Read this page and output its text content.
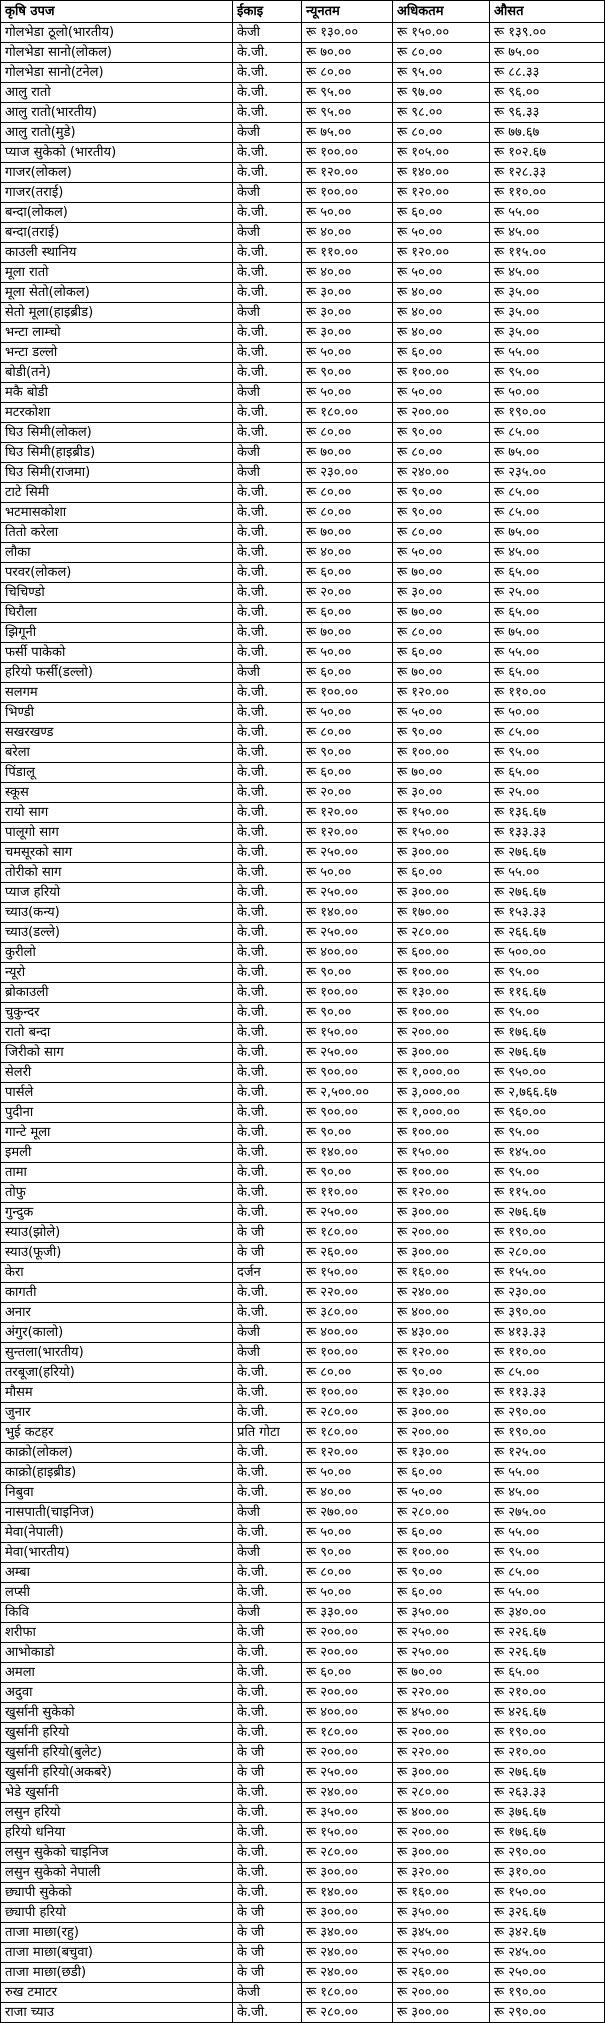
कृषि उपज	ईकाइ	न्यूनतम	अधिकतम	औसत
गोलभेडा ठूलो(भारतीय)	केजी	रू १३०.००	रू १५०.००	रू १३९.००
गोलभेडा सानो(लोकल)	के.जी.	रू ७०.००	रू ८०.००	रू ७५.००
गोलभेडा सानो(टनेल)	के.जी.	रू ८०.००	रू ९५.००	रू ८८.३३
आलु रातो	के.जी.	रू ९५.००	रू ९७.००	रू ९६.००
आलु रातो(भारतीय)	के.जी.	रू ९५.००	रू ९८.००	रू ९६.३३
आलु रातो(मुडे)	केजी	रू ७५.००	रू ८०.००	रू ७७.६७
प्याज सुकेको (भारतीय)	के.जी.	रू १००.००	रू १०५.००	रू १०२.६७
गाजर(लोकल)	के.जी.	रू १२०.००	रू १४०.००	रू १२८.३३
गाजर(तराई)	केजी	रू १००.००	रू १२०.००	रू ११०.००
बन्दा(लोकल)	के.जी.	रू ५०.००	रू ६०.००	रू ५५.००
बन्दा(तराई)	केजी	रू ४०.००	रू ५०.००	रू ४५.००
काउली स्थानिय	के.जी.	रू ११०.००	रू १२०.००	रू ११५.००
मूला रातो	के.जी.	रू ४०.००	रू ५०.००	रू ४५.००
मूला सेतो(लोकल)	के.जी.	रू ३०.००	रू ४०.००	रू ३५.००
सेतो मूला(हाइब्रीड)	केजी	रू ३०.००	रू ४०.००	रू ३५.००
भन्टा लाम्चो	के.जी.	रू ३०.००	रू ४०.००	रू ३५.००
भन्टा डल्लो	के.जी.	रू ५०.००	रू ६०.००	रू ५५.००
बोडी(तने)	के.जी.	रू ९०.००	रू १००.००	रू ९५.००
मकै बोडी	केजी	रू ५०.००	रू ५०.००	रू ५०.००
मटरकोशा	के.जी.	रू १८०.००	रू २००.००	रू १९०.००
घिउ सिमी(लोकल)	के.जी.	रू ८०.००	रू ९०.००	रू ८५.००
घिउ सिमी(हाइब्रीड)	केजी	रू ७०.००	रू ८०.००	रू ७५.००
घिउ सिमी(राजमा)	केजी	रू २३०.००	रू २४०.००	रू २३५.००
टाटे सिमी	के.जी.	रू ८०.००	रू ९०.००	रू ८५.००
भटमासकोशा	के.जी.	रू ८०.००	रू ९०.००	रू ८५.००
तितो करेला	के.जी.	रू ७०.००	रू ८०.००	रू ७५.००
लौका	के.जी.	रू ४०.००	रू ५०.००	रू ४५.००
परवर(लोकल)	के.जी.	रू ६०.००	रू ७०.००	रू ६५.००
चिचिण्डो	के.जी.	रू २०.००	रू ३०.००	रू २५.००
घिरौला	के.जी.	रू ६०.००	रू ७०.००	रू ६५.००
झिगूनी	के.जी.	रू ७०.००	रू ८०.००	रू ७५.००
फर्सी पाकेको	के.जी.	रू ५०.००	रू ६०.००	रू ५५.००
हरियो फर्सी(डल्लो)	केजी	रू ६०.००	रू ७०.००	रू ६५.००
सलगम	के.जी.	रू १००.००	रू १२०.००	रू ११०.००
भिण्डी	के.जी.	रू ५०.००	रू ५०.००	रू ५०.००
सखरखण्ड	के.जी.	रू ८०.००	रू ९०.००	रू ८५.००
बरेला	के.जी.	रू ९०.००	रू १००.००	रू ९५.००
पिंडालू	के.जी.	रू ६०.००	रू ७०.००	रू ६५.००
स्कूस	के.जी.	रू २०.००	रू ३०.००	रू २५.००
रायो साग	के.जी.	रू १२०.००	रू १५०.००	रू १३६.६७
पालूगो साग	के.जी.	रू १२०.००	रू १५०.००	रू १३३.३३
चमसूरको साग	के.जी.	रू २५०.००	रू ३००.००	रू २७६.६७
तोरीको साग	के.जी.	रू ५०.००	रू ६०.००	रू ५५.००
प्याज हरियो	के.जी.	रू २५०.००	रू ३००.००	रू २७६.६७
च्याउ(कन्य)	के.जी.	रू १४०.००	रू १७०.००	रू १५३.३३
च्याउ(डल्ले)	के.जी.	रू २५०.००	रू २८०.००	रू २६६.६७
कुरीलो	के.जी.	रू ४००.००	रू ६००.००	रू ५००.००
न्यूरो	के.जी.	रू ९०.००	रू १००.००	रू ९५.००
ब्रोकाउली	के.जी.	रू १००.००	रू १३०.००	रू ११६.६७
चुकुन्दर	के.जी.	रू ९०.००	रू १००.००	रू ९५.००
रातो बन्दा	के.जी.	रू १५०.००	रू २००.००	रू १७६.६७
जिरीको साग	के.जी.	रू २५०.००	रू ३००.००	रू २७६.६७
सेलरी	के.जी.	रू ९००.००	रू १,०००.००	रू ९५०.००
पार्सले	के.जी.	रू २,५००.००	रू ३,०००.००	रू २,७६६.६७
पुदीना	के.जी.	रू ९००.००	रू १,०००.००	रू ९६०.००
गान्टे मूला	के.जी.	रू ९०.००	रू १००.००	रू ९५.००
इमली	के.जी.	रू १४०.००	रू १५०.००	रू १४५.००
तामा	के.जी.	रू ९०.००	रू १००.००	रू ९५.००
तोफु	के.जी.	रू ११०.००	रू १२०.००	रू ११५.००
गुन्दुक	के.जी.	रू २५०.००	रू ३००.००	रू २७६.६७
स्याउ(झोले)	के जी	रू १८०.००	रू २००.००	रू १९०.००
स्याउ(फूजी)	के जी	रू २६०.००	रू ३००.००	रू २८०.००
केरा	दर्जन	रू १५०.००	रू १६०.००	रू १५५.००
कागती	के.जी.	रू २२०.००	रू २४०.००	रू २३०.००
अनार	के.जी.	रू ३८०.००	रू ४००.००	रू ३९०.००
अंगुर(कालो)	केजी	रू ४००.००	रू ४३०.००	रू ४१३.३३
सुन्तला(भारतीय)	केजी	रू १००.००	रू १२०.००	रू ११०.००
तरबूजा(हरियो)	के.जी.	रू ८०.००	रू ९०.००	रू ८५.००
मौसम	के.जी.	रू १००.००	रू १३०.००	रू ११३.३३
जुनार	के.जी.	रू २८०.००	रू ३००.००	रू २९०.००
भुई कटहर	प्रति गोटा	रू १८०.००	रू २००.००	रू १९०.००
काक्रो(लोकल)	के.जी.	रू १२०.००	रू १३०.००	रू १२५.००
काक्रो(हाइब्रीड)	के.जी.	रू ५०.००	रू ६०.००	रू ५५.००
निबुवा	के.जी.	रू ४०.००	रू ५०.००	रू ४५.००
नासपाती(चाइनिज)	केजी	रू २७०.००	रू २८०.००	रू २७५.००
मेवा(नेपाली)	के.जी.	रू ५०.००	रू ६०.००	रू ५५.००
मेवा(भारतीय)	केजी	रू ९०.००	रू १००.००	रू ९५.००
अम्बा	के.जी.	रू ८०.००	रू ९०.००	रू ८५.००
लप्सी	के.जी.	रू ५०.००	रू ६०.००	रू ५५.००
किवि	केजी	रू ३३०.००	रू ३५०.००	रू ३४०.००
शरीफा	के.जी	रू २००.००	रू २५०.००	रू २२६.६७
आभोकाडो	के.जी.	रू २००.००	रू २५०.००	रू २२६.६७
अमला	के.जी.	रू ६०.००	रू ७०.००	रू ६५.००
अदुवा	के.जी.	रू २००.००	रू २२०.००	रू २१०.००
खुर्सानी सुकेको	के.जी.	रू ४००.००	रू ४५०.००	रू ४२६.६७
खुर्सानी हरियो	के.जी.	रू १८०.००	रू २००.००	रू १९०.००
खुर्सानी हरियो(बुलेट)	के जी	रू २००.००	रू २२०.००	रू २१०.००
खुर्सानी हरियो(अकबरे)	के जी	रू २५०.००	रू ३००.००	रू २७६.६७
भेडे खुर्सानी	के.जी.	रू २४०.००	रू २८०.००	रू २६३.३३
लसुन हरियो	के.जी.	रू ३५०.००	रू ४००.००	रू ३७६.६७
हरियो धनिया	के.जी.	रू १५०.००	रू २००.००	रू १७६.६७
लसुन सुकेको चाइनिज	के.जी.	रू २८०.००	रू ३००.००	रू २९०.००
लसुन सुकेको नेपाली	के.जी.	रू ३००.००	रू ३२०.००	रू ३१०.००
छ्यापी सुकेको	के.जी.	रू १४०.००	रू १६०.००	रू १५०.००
छ्यापी हरियो	के जी	रू ३००.००	रू ३५०.००	रू ३२६.६७
ताजा माछा(रहु)	के जी	रू ३४०.००	रू ३४५.००	रू ३४२.६७
ताजा माछा(बचुवा)	के जी	रू २४०.००	रू २५०.००	रू २४५.००
ताजा माछा(छडी)	के जी	रू २४०.००	रू २६०.००	रू २५०.००
रुख टमाटर	केजी	रू १८०.००	रू २००.००	रू १९०.००
राजा च्याउ	के.जी.	रू २८०.००	रू ३००.००	रू २९०.००
